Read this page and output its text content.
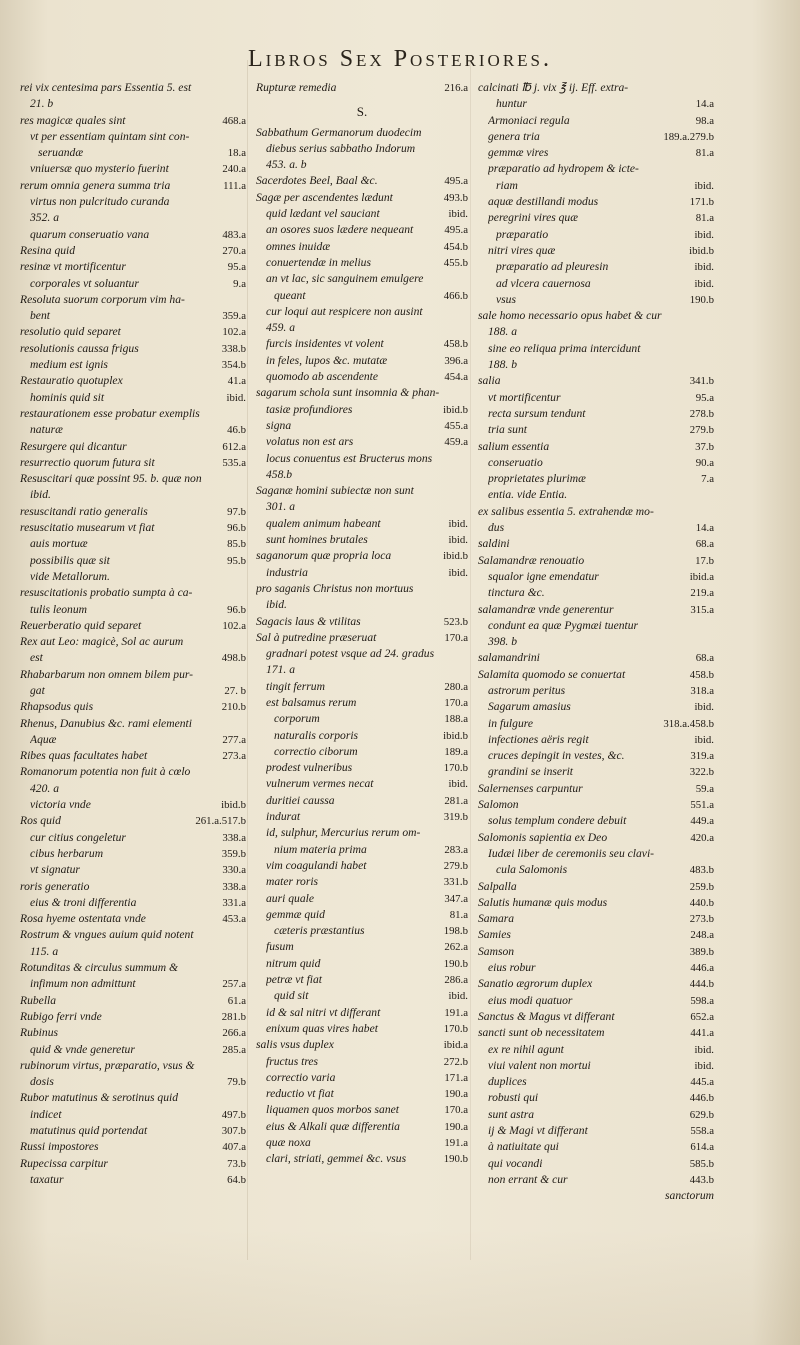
Libros Sex Posteriores.
rei vix centesima pars Essentia 5. est
21. b
res magicæ quales sint	468.a
vt per essentiam quintam sint con-
seruandæ	18.a
vniuersæ quo mysterio fuerint	240.a
rerum omnia genera summa tria	111.a
virtus non pulcritudo curanda
352. a
quarum conseruatio vana	483.a
Resina quid	270.a
resinæ vt mortificentur	95.a
corporales vt soluantur	9.a
Resoluta suorum corporum vim ha-
bent	359.a
resolutio quid separet	102.a
resolutionis caussa frigus	338.b
medium est ignis	354.b
Restauratio quotuplex	41.a
hominis quid sit	ibid.
restaurationem esse probatur exemplis
naturæ	46.b
Resurgere qui dicantur	612.a
resurrectio quorum futura sit	535.a
Resuscitari quæ possint 95. b. quæ non
ibid.
resuscitandi ratio generalis	97.b
resuscitatio musearum vt fiat	96.b
auis mortuæ	85.b
possibilis quæ sit	95.b
vide Metallorum.
resuscitationis probatio sumpta à ca-
tulis leonum	96.b
Reuerberatio quid separet	102.a
Rex aut Leo: magicè, Sol ac aurum
est	498.b
Rhabarbarum non omnem bilem pur-
gat	27. b
Rhapsodus quis	210.b
Rhenus, Danubius &c. rami elementi
Aquæ	277.a
Ribes quas facultates habet	273.a
Romanorum potentia non fuit à cœlo
420. a
victoria vnde	ibid.b
Ros quid	261.a.517.b
cur citius congeletur	338.a
cibus herbarum	359.b
vt signatur	330.a
roris generatio	338.a
eius & troni differentia	331.a
Rosa hyeme ostentata vnde	453.a
Rostrum & vngues auium quid notent
115. a
Rotunditas & circulus summum &
infimum non admittunt	257.a
Rubella	61.a
Rubigo ferri vnde	281.b
Rubinus	266.a
quid & vnde generetur	285.a
rubinorum virtus, præparatio, vsus &
dosis	79.b
Rubor matutinus & serotinus quid
indicet	497.b
matutinus quid portendat	307.b
Russi impostores	407.a
Rupecissa carpitur	73.b
taxatur	64.b
Rupturæ remedia	216.a
S.
Sabbathum Germanorum duodecim
diebus serius sabbatho Indorum
453. a. b
Sacerdotes Beel, Baal &c.	495.a
Sagæ per ascendentes lædunt	493.b
quid lædant vel sauciant	ibid.
an osores suos lædere nequeant	495.a
omnes inuidæ	454.b
conuertendæ in melius	455.b
an vt lac, sic sanguinem emulgere
queant	466.b
cur loqui aut respicere non ausint
459. a
furcis insidentes vt volent	458.b
in feles, lupos &c. mutatæ	396.a
quomodo ab ascendente	454.a
sagarum schola sunt insomnia & phan-
tasiæ profundiores	ibid.b
signa	455.a
volatus non est ars	459.a
locus conuentus est Bructerus mons
458.b
Saganæ homini subiectæ non sunt
301. a
qualem animum habeant	ibid.
sunt homines brutales	ibid.
saganorum quæ propria loca	ibid.b
industria	ibid.
pro saganis Christus non mortuus
ibid.
Sagacis laus & vtilitas	523.b
Sal à putredine præseruat	170.a
gradnari potest vsque ad 24. gradus
171. a
tingit ferrum	280.a
est balsamus rerum	170.a
corporum	188.a
naturalis corporis	ibid.b
correctio ciborum	189.a
prodest vulneribus	170.b
vulnerum vermes necat	ibid.
duritiei caussa	281.a
indurat	319.b
id, sulphur, Mercurius rerum om-
nium materia prima	283.a
vim coagulandi habet	279.b
mater roris	331.b
auri quale	347.a
gemmæ quid	81.a
cæteris præstantius	198.b
fusum	262.a
nitrum quid	190.b
petræ vt fiat	286.a
quid sit	ibid.
id & sal nitri vt differant	191.a
enixum quas vires habet	170.b
salis vsus duplex	ibid.a
fructus tres	272.b
correctio varia	171.a
reductio vt fiat	190.a
liquamen quos morbos sanet	170.a
eius & Alkali quæ differentia	190.a
quæ noxa	191.a
clari, striati, gemmei &c. vsus	190.b
calcinati ℔ j. vix ℥ ij. Eff. extra-
huntur	14.a
Armoniaci regula	98.a
genera tria	189.a.279.b
gemmæ vires	81.a
præparatio ad hydropem & icte-
riam	ibid.
aquæ destillandi modus	171.b
peregrini vires quæ	81.a
præparatio	ibid.
nitri vires quæ	ibid.b
præparatio ad pleuresin	ibid.
ad vlcera cauernosa	ibid.
vsus	190.b
sale homo necessario opus habet & cur
188. a
sine eo reliqua prima intercidunt
188. b
salia	341.b
vt mortificentur	95.a
recta sursum tendunt	278.b
tria sunt	279.b
salium essentia	37.b
conseruatio	90.a
proprietates plurimæ	7.a
entia. vide Entia.
ex salibus essentia 5. extrahendæ mo-
dus	14.a
saldini	68.a
Salamandræ renouatio	17.b
squalor igne emendatur	ibid.a
tinctura &c.	219.a
salamandræ vnde generentur	315.a
condunt ea quæ Pygmæi tuentur
398. b
salamandrini	68.a
Salamita quomodo se conuertat	458.b
astrorum peritus	318.a
Sagarum amasius	ibid.
in fulgure	318.a.458.b
infectiones aëris regit	ibid.
cruces depingit in vestes, &c.	319.a
grandini se inserit	322.b
Salernenses carpuntur	59.a
Salomon	551.a
solus templum condere debuit	449.a
Salomonis sapientia ex Deo	420.a
Iudæi liber de ceremoniis seu clavi-
cula Salomonis	483.b
Salpalla	259.b
Salutis humanæ quis modus	440.b
Samara	273.b
Samies	248.a
Samson	389.b
eius robur	446.a
Sanatio ægrorum duplex	444.b
eius modi quatuor	598.a
Sanctus & Magus vt differant	652.a
sancti sunt ob necessitatem	441.a
ex re nihil agunt	ibid.
viui valent non mortui	ibid.
duplices	445.a
robusti qui	446.b
sunt astra	629.b
ij & Magi vt differant	558.a
à natiuitate qui	614.a
qui vocandi	585.b
non errant & cur	443.b
sanctorum
